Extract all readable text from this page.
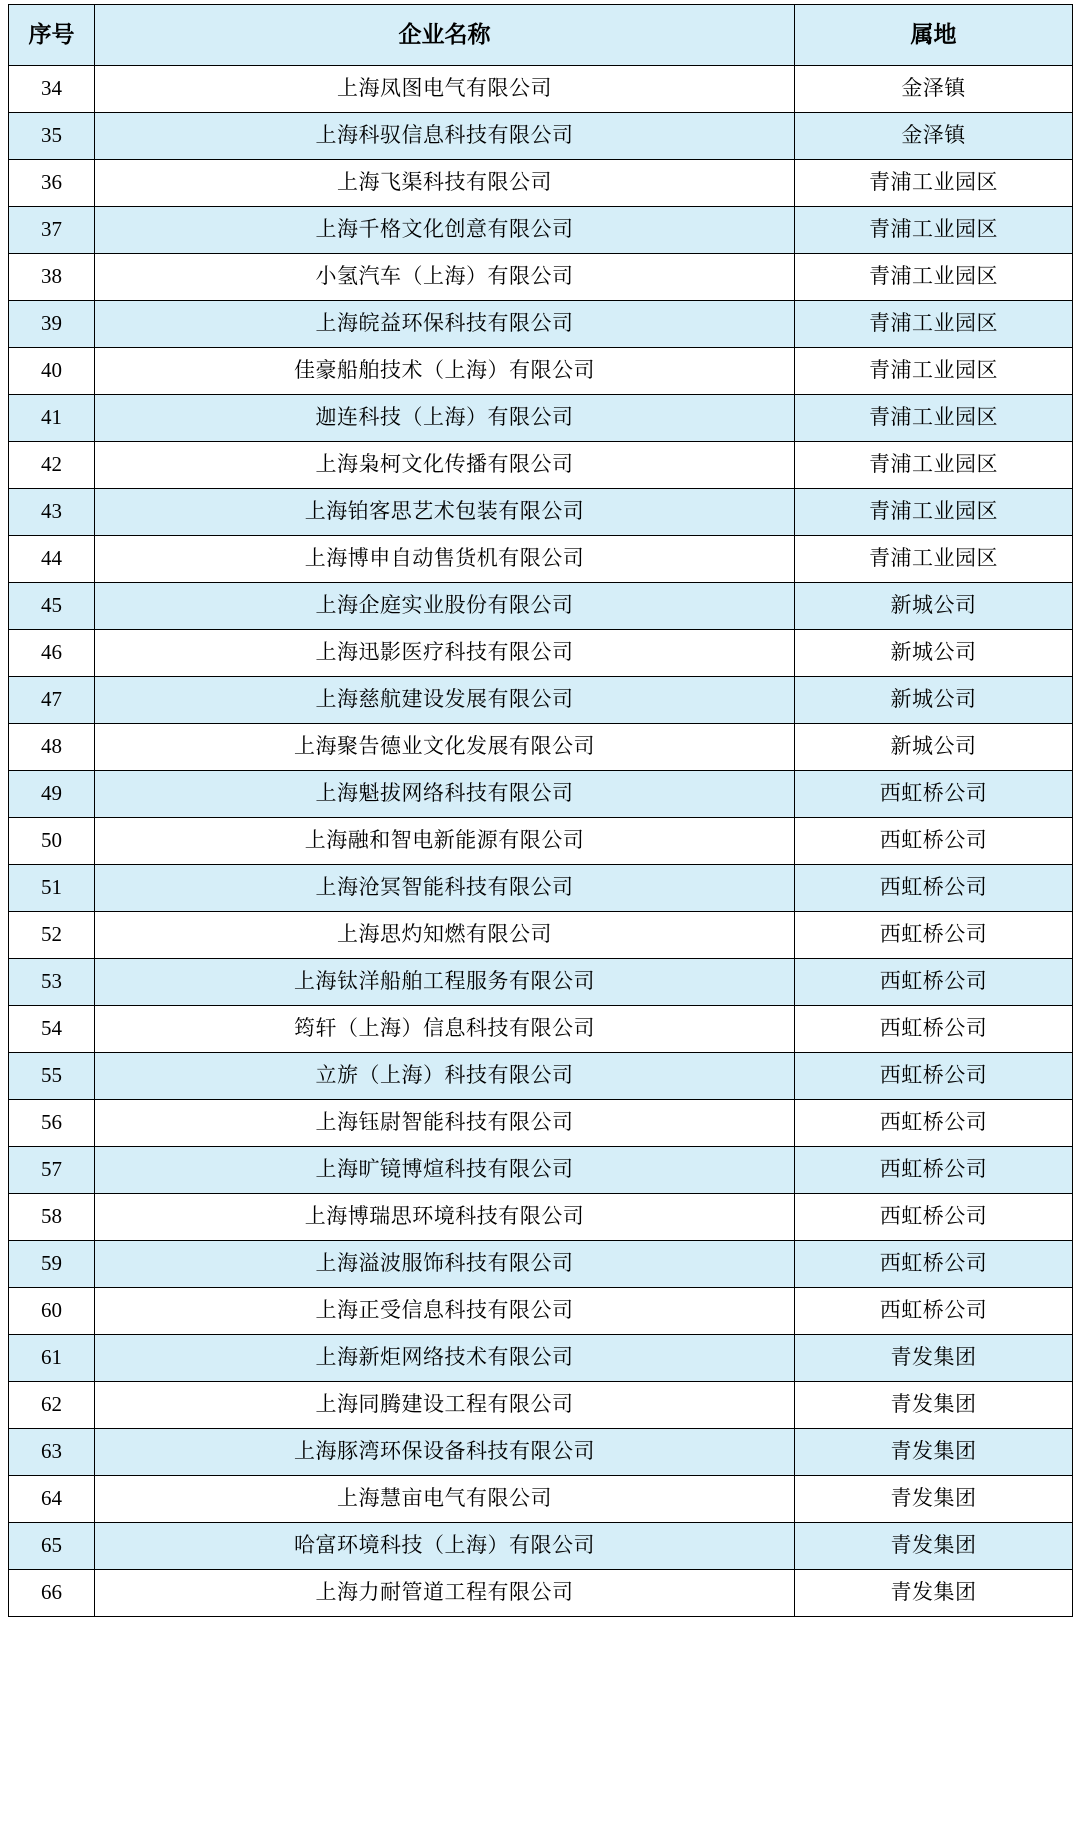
序号	企业名称	属地
34	上海凤图电气有限公司	金泽镇
35	上海科驭信息科技有限公司	金泽镇
36	上海飞渠科技有限公司	青浦工业园区
37	上海千格文化创意有限公司	青浦工业园区
38	小氢汽车（上海）有限公司	青浦工业园区
39	上海皖益环保科技有限公司	青浦工业园区
40	佳豪船舶技术（上海）有限公司	青浦工业园区
41	迦连科技（上海）有限公司	青浦工业园区
42	上海枭柯文化传播有限公司	青浦工业园区
43	上海铂客思艺术包装有限公司	青浦工业园区
44	上海博申自动售货机有限公司	青浦工业园区
45	上海企庭实业股份有限公司	新城公司
46	上海迅影医疗科技有限公司	新城公司
47	上海慈航建设发展有限公司	新城公司
48	上海聚告德业文化发展有限公司	新城公司
49	上海魁拔网络科技有限公司	西虹桥公司
50	上海融和智电新能源有限公司	西虹桥公司
51	上海沧冥智能科技有限公司	西虹桥公司
52	上海思灼知燃有限公司	西虹桥公司
53	上海钛洋船舶工程服务有限公司	西虹桥公司
54	筠轩（上海）信息科技有限公司	西虹桥公司
55	立旂（上海）科技有限公司	西虹桥公司
56	上海钰尉智能科技有限公司	西虹桥公司
57	上海旷镜博煊科技有限公司	西虹桥公司
58	上海博瑞思环境科技有限公司	西虹桥公司
59	上海溢波服饰科技有限公司	西虹桥公司
60	上海正受信息科技有限公司	西虹桥公司
61	上海新炬网络技术有限公司	青发集团
62	上海同腾建设工程有限公司	青发集团
63	上海豚湾环保设备科技有限公司	青发集团
64	上海慧亩电气有限公司	青发集团
65	哈富环境科技（上海）有限公司	青发集团
66	上海力耐管道工程有限公司	青发集团
